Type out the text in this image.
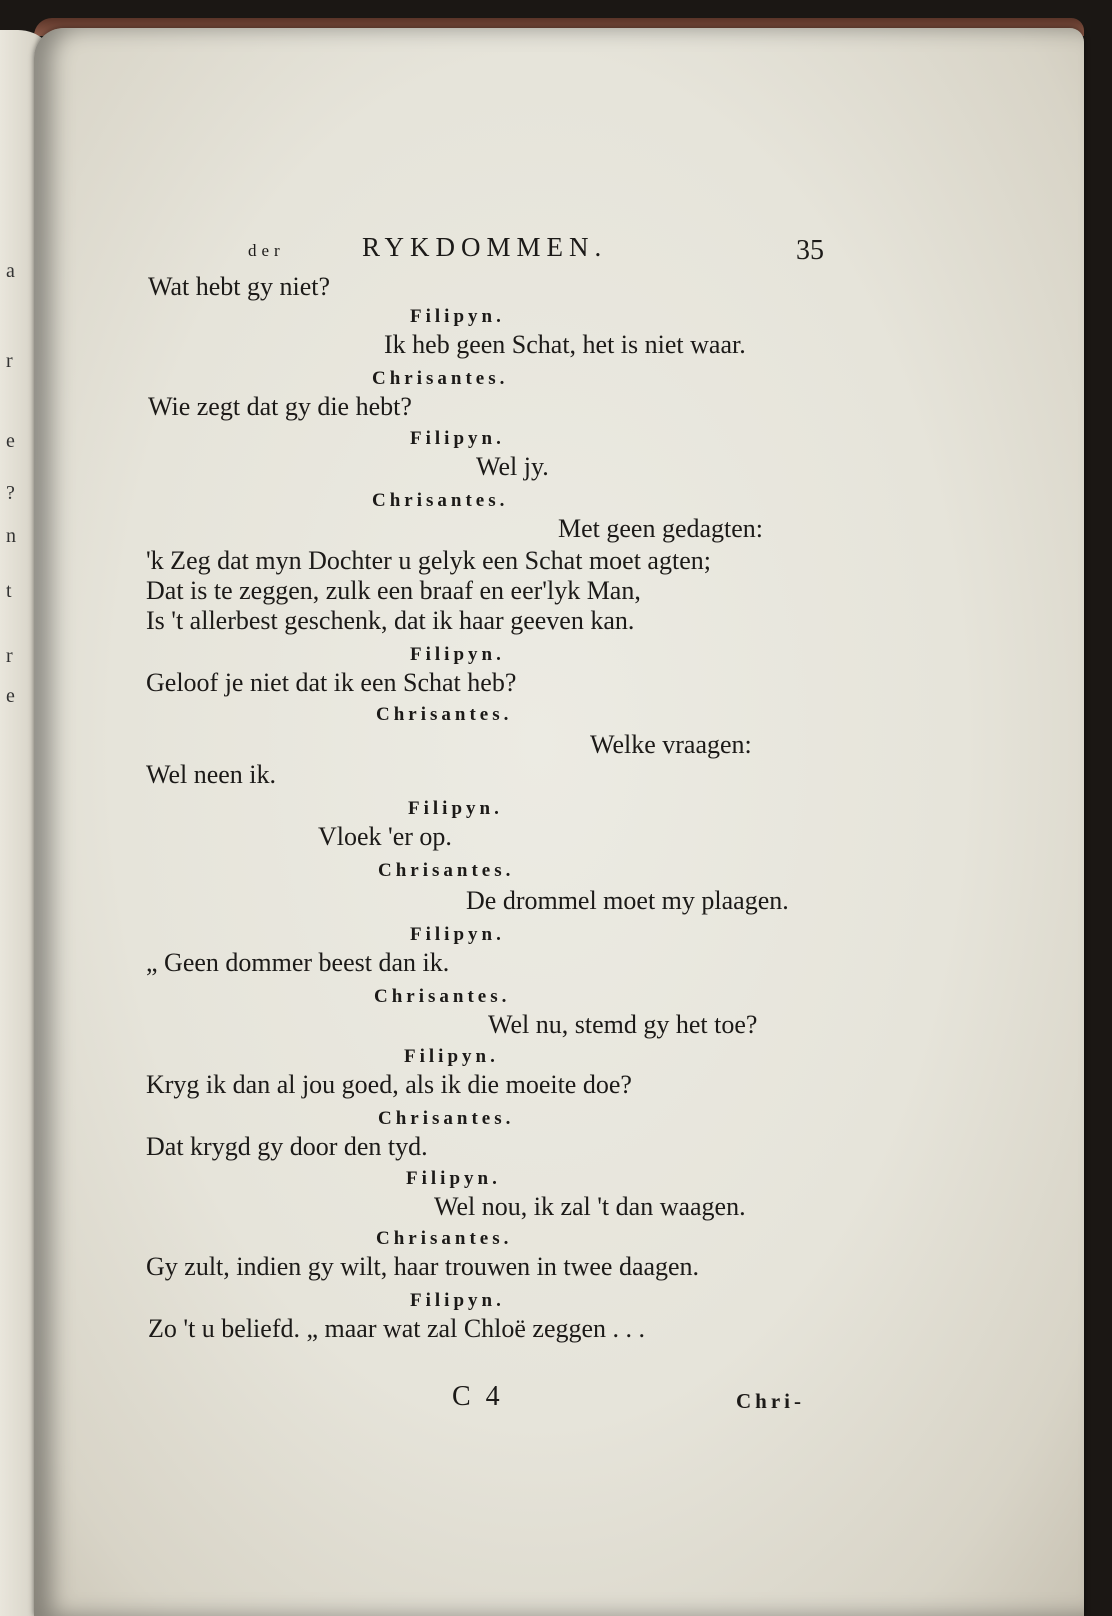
a
r
e
?
n
t
r
e
der	RYKDOMMEN.	35
Wat hebt gy niet?
Filipyn.
Ik heb geen Schat, het is niet waar.
Chrisantes.
Wie zegt dat gy die hebt?
Filipyn.
Wel jy.
Chrisantes.
Met geen gedagten:
'k Zeg dat myn Dochter u gelyk een Schat moet agten;
Dat is te zeggen, zulk een braaf en eer'lyk Man,
Is 't allerbest geschenk, dat ik haar geeven kan.
Filipyn.
Geloof je niet dat ik een Schat heb?
Chrisantes.
Welke vraagen:
Wel neen ik.
Filipyn.
Vloek 'er op.
Chrisantes.
De drommel moet my plaagen.
Filipyn.
„ Geen dommer beest dan ik.
Chrisantes.
Wel nu, stemd gy het toe?
Filipyn.
Kryg ik dan al jou goed, als ik die moeite doe?
Chrisantes.
Dat krygd gy door den tyd.
Filipyn.
Wel nou, ik zal 't dan waagen.
Chrisantes.
Gy zult, indien gy wilt, haar trouwen in twee daagen.
Filipyn.
Zo 't u beliefd. „ maar wat zal Chloë zeggen . . .
C 4	Chri-
